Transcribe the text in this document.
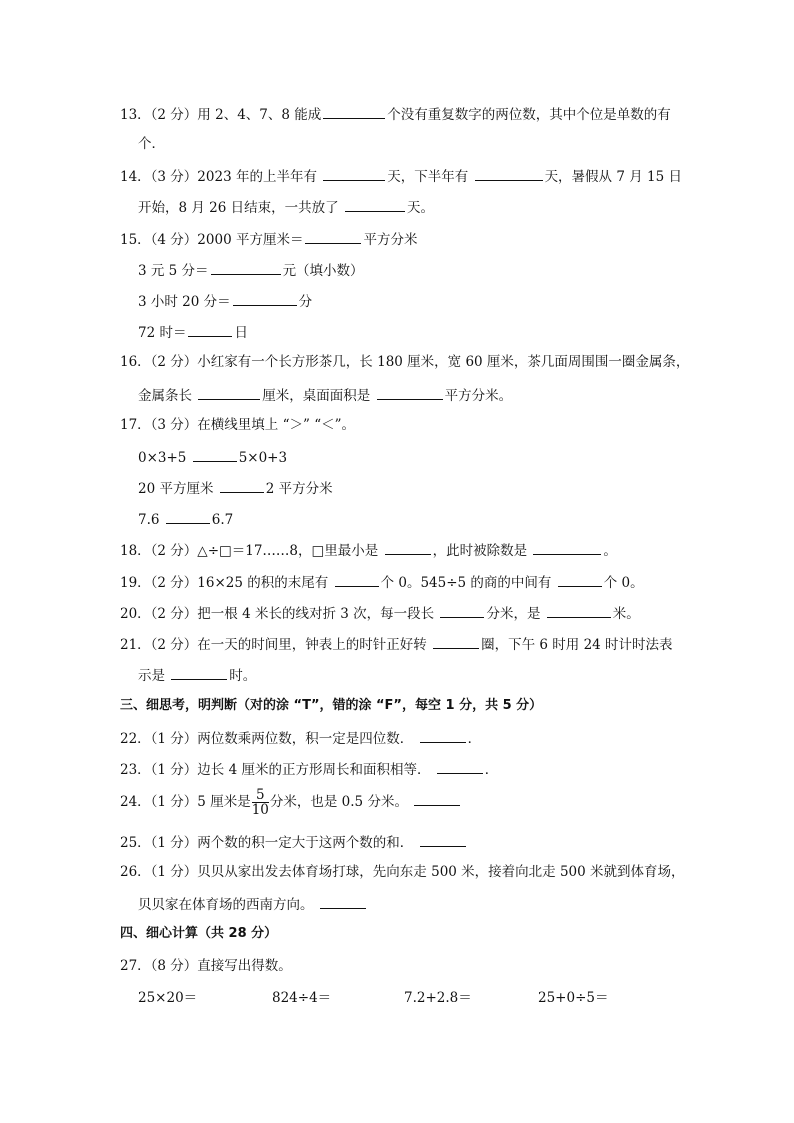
13．（2 分）用 2、4、7、8 能成	个没有重复数字的两位数，其中个位是单数的有
个．
14．（3 分）2023 年的上半年有	天，下半年有	天，暑假从 7 月 15 日
开始，8 月 26 日结束，一共放了	天。
15．（4 分）2000 平方厘米＝	平方分米
3 元 5 分＝	元（填小数）
3 小时 20 分＝	分
72 时＝	日
16．（2 分）小红家有一个长方形茶几，长 180 厘米，宽 60 厘米，茶几面周围围一圈金属条，
金属条长	厘米，桌面面积是	平方分米。
17．（3 分）在横线里填上 “＞” “＜”。
0×3+5	5×0+3
20 平方厘米	2 平方分米
7.6	6.7
18．（2 分）△÷□＝17……8，□里最小是	，此时被除数是	。
19．（2 分）16×25 的积的末尾有	个 0。545÷5 的商的中间有	个 0。
20．（2 分）把一根 4 米长的线对折 3 次，每一段长	分米，是	米。
21．（2 分）在一天的时间里，钟表上的时针正好转	圈，下午 6 时用 24 时计时法表
示是	时。
三、细思考，明判断（对的涂 “T”，错的涂 “F”，每空 1 分，共 5 分）
22．（1 分）两位数乘两位数，积一定是四位数．	．
23．（1 分）边长 4 厘米的正方形周长和面积相等．	．
24．（1 分）5 厘米是 $\frac{5}{10}$ 分米，也是 0.5 分米。
25．（1 分）两个数的积一定大于这两个数的和．
26．（1 分）贝贝从家出发去体育场打球，先向东走 500 米，接着向北走 500 米就到体育场，
贝贝家在体育场的西南方向。
四、细心计算（共 28 分）
27．（8 分）直接写出得数。
25×20＝	824÷4＝	7.2+2.8＝	25+0÷5＝
